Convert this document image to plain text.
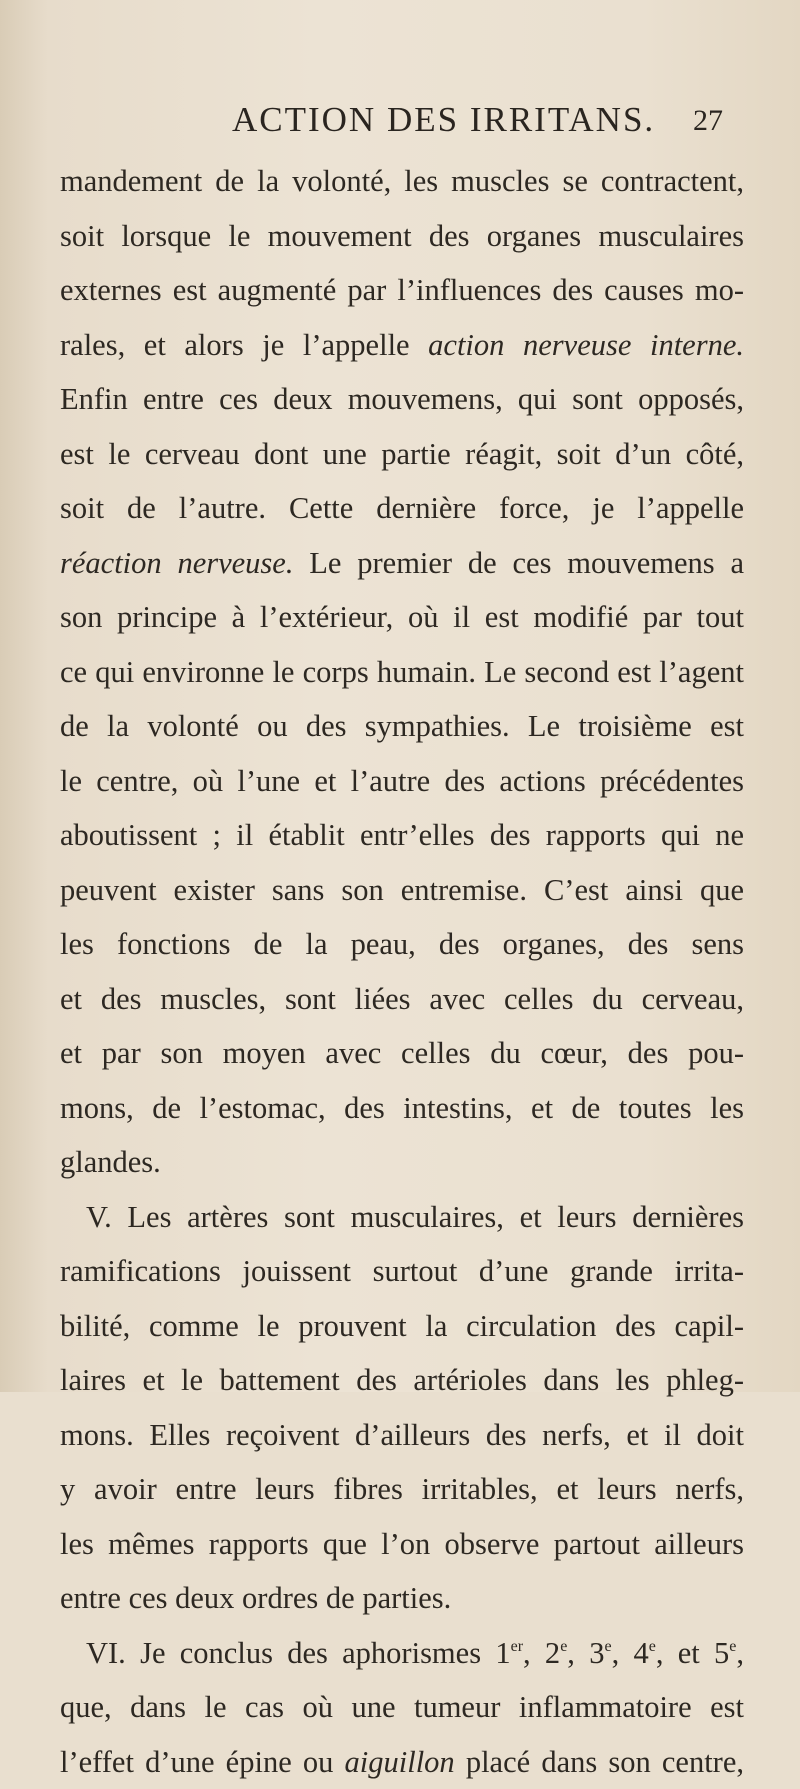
ACTION DES IRRITANS. 27
mandement de la volonté, les muscles se contractent,
soit lorsque le mouvement des organes musculaires
externes est augmenté par l’influences des causes mo-
rales, et alors je l’appelle action nerveuse interne.
Enfin entre ces deux mouvemens, qui sont opposés,
est le cerveau dont une partie réagit, soit d’un côté,
soit de l’autre. Cette dernière force, je l’appelle
réaction nerveuse. Le premier de ces mouvemens a
son principe à l’extérieur, où il est modifié par tout
ce qui environne le corps humain. Le second est l’agent
de la volonté ou des sympathies. Le troisième est
le centre, où l’une et l’autre des actions précédentes
aboutissent ; il établit entr’elles des rapports qui ne
peuvent exister sans son entremise. C’est ainsi que
les fonctions de la peau, des organes, des sens
et des muscles, sont liées avec celles du cerveau,
et par son moyen avec celles du cœur, des pou-
mons, de l’estomac, des intestins, et de toutes les
glandes.
V. Les artères sont musculaires, et leurs dernières
ramifications jouissent surtout d’une grande irrita-
bilité, comme le prouvent la circulation des capil-
laires et le battement des artérioles dans les phleg-
mons. Elles reçoivent d’ailleurs des nerfs, et il doit
y avoir entre leurs fibres irritables, et leurs nerfs,
les mêmes rapports que l’on observe partout ailleurs
entre ces deux ordres de parties.
VI. Je conclus des aphorismes 1er, 2e, 3e, 4e, et 5e,
que, dans le cas où une tumeur inflammatoire est
l’effet d’une épine ou aiguillon placé dans son centre,
